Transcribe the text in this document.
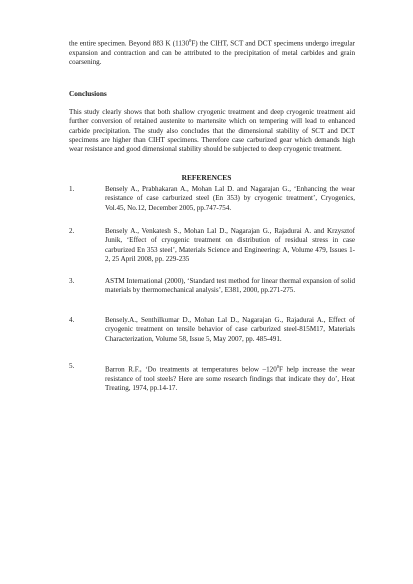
the entire specimen. Beyond 883 K (1130$^0$F) the CIHT, SCT and DCT specimens undergo irregular expansion and contraction and can be attributed to the precipitation of metal carbides and grain coarsening.

Conclusions

This study clearly shows that both shallow cryogenic treatment and deep cryogenic treatment aid further conversion of retained austenite to martensite which on tempering will lead to enhanced carbide precipitation. The study also concludes that the dimensional stability of SCT and DCT specimens are higher than CIHT specimens. Therefore case carburized gear which demands high wear resistance and good dimensional stability should be subjected to deep cryogenic treatment.

REFERENCES

1.	Bensely A., Prabhakaran A., Mohan Lal D. and Nagarajan G., ‘Enhancing the wear resistance of case carburized steel (En 353) by cryogenic treatment’, Cryogenics, Vol.45, No.12, December 2005, pp.747-754.
2.	Bensely A., Venkatesh S., Mohan Lal D., Nagarajan G., Rajadurai A. and Krzysztof Junik, ‘Effect of cryogenic treatment on distribution of residual stress in case carburized En 353 steel’, Materials Science and Engineering: A, Volume 479, Issues 1-2, 25 April 2008, pp. 229-235
3.	ASTM International (2000), ‘Standard test method for linear thermal expansion of solid materials by thermomechanical analysis’, E381, 2000, pp.271-275.
4.	Bensely.A., Senthilkumar D., Mohan Lal D., Nagarajan G., Rajadurai A., Effect of cryogenic treatment on tensile behavior of case carburized steel-815M17, Materials Characterization, Volume 58, Issue 5, May 2007, pp. 485-491.
5.	Barron R.F., ‘Do treatments at temperatures below $-120^0F$ help increase the wear resistance of tool steels? Here are some research findings that indicate they do’, Heat Treating, 1974, pp.14-17.
